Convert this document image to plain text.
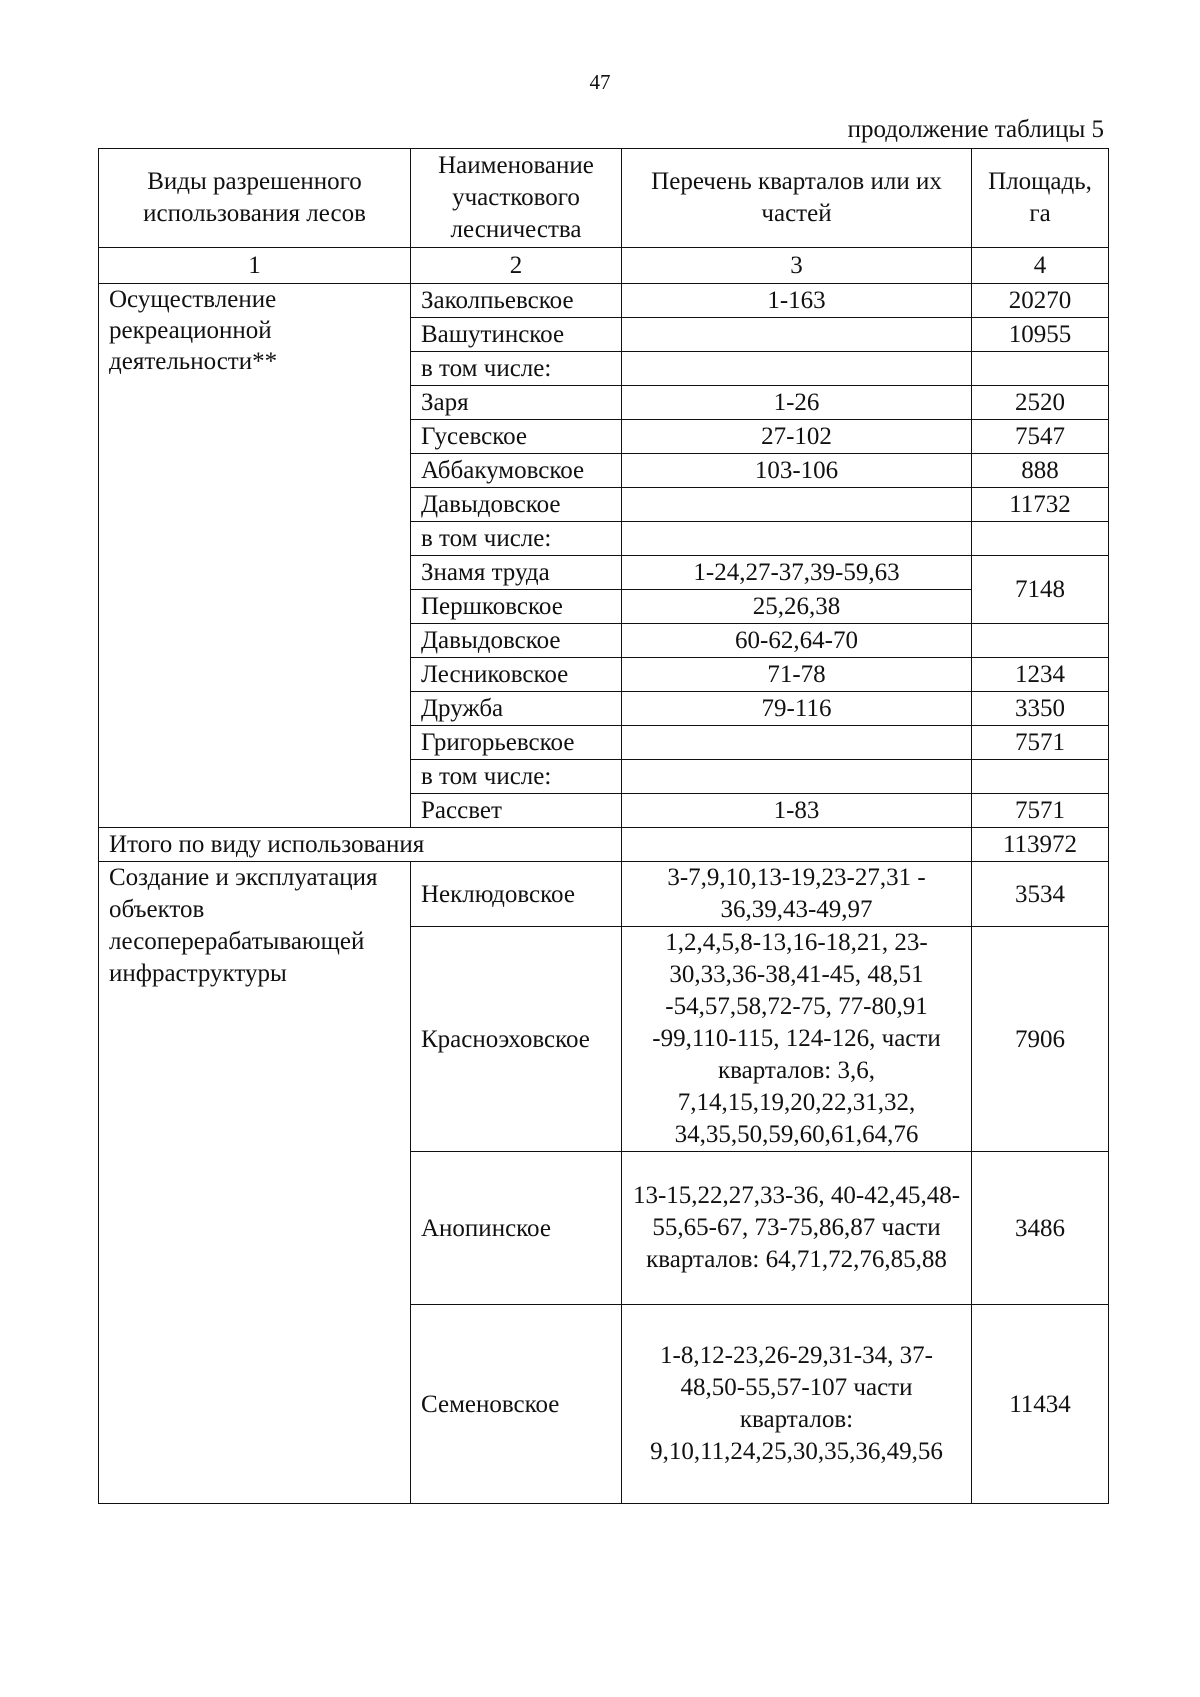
47
продолжение таблицы 5
Виды разрешенного использования лесов	Наименование участкового лесничества	Перечень кварталов или их частей	Площадь, га
1	2	3	4
Осуществление рекреационной деятельности**	Заколпьевское	1-163	20270
	Вашутинское		10955
	в том числе:		
	Заря	1-26	2520
	Гусевское	27-102	7547
	Аббакумовское	103-106	888
	Давыдовское		11732
	в том числе:		
	Знамя труда	1-24,27-37,39-59,63	7148
	Першковское	25,26,38	
	Давыдовское	60-62,64-70	
	Лесниковское	71-78	1234
	Дружба	79-116	3350
	Григорьевское		7571
	в том числе:		
	Рассвет	1-83	7571
Итого по виду использования			113972
Создание и эксплуатация объектов лесоперерабатывающей инфраструктуры	Неклюдовское	3-7,9,10,13-19,23-27,31 - 36,39,43-49,97	3534
	Красноэховское	1,2,4,5,8-13,16-18,21, 23-30,33,36-38,41-45, 48,51 -54,57,58,72-75, 77-80,91 -99,110-115, 124-126, части кварталов: 3,6, 7,14,15,19,20,22,31,32, 34,35,50,59,60,61,64,76	7906
	Анопинское	13-15,22,27,33-36, 40-42,45,48-55,65-67, 73-75,86,87 части кварталов: 64,71,72,76,85,88	3486
	Семеновское	1-8,12-23,26-29,31-34, 37-48,50-55,57-107 части кварталов: 9,10,11,24,25,30,35,36,49,56	11434
